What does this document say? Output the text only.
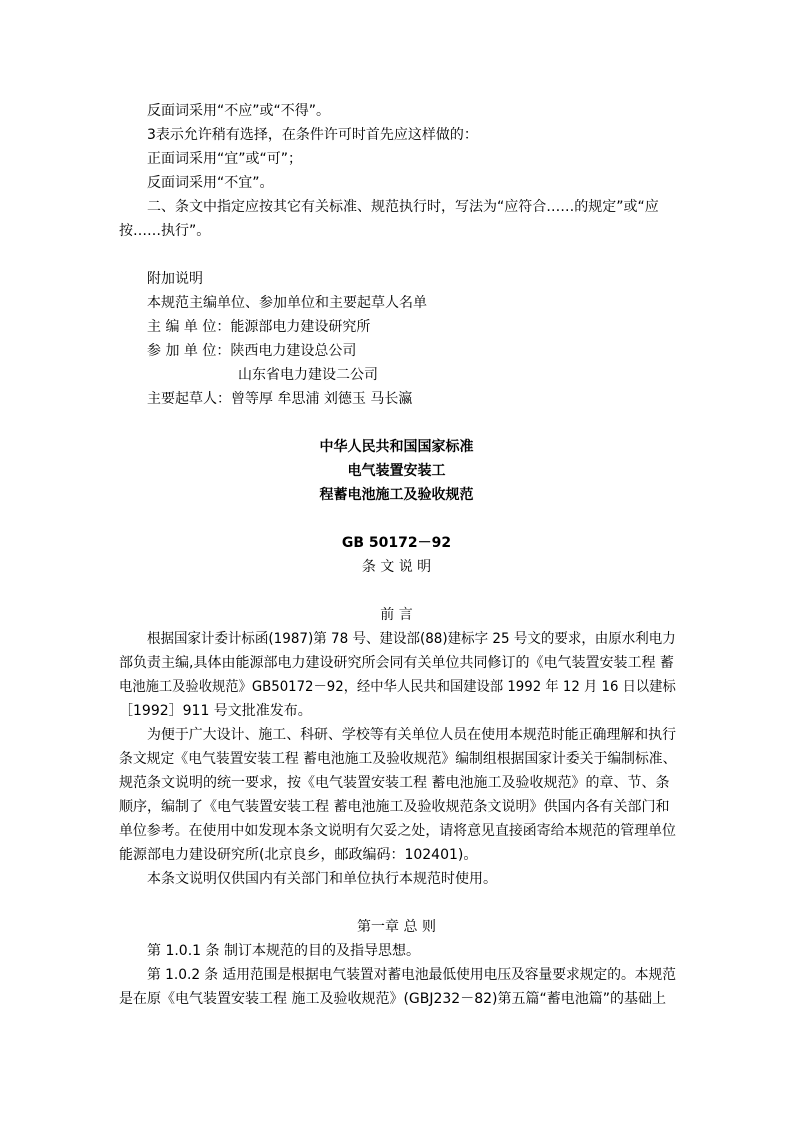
反面词采用“不应”或“不得”。
3表示允许稍有选择，在条件许可时首先应这样做的：
正面词采用“宜”或“可”；
反面词采用“不宜”。
二、条文中指定应按其它有关标准、规范执行时，写法为“应符合……的规定”或“应
按……执行”。
附加说明
本规范主编单位、参加单位和主要起草人名单
主 编 单 位：能源部电力建设研究所
参 加 单 位：陕西电力建设总公司
山东省电力建设二公司
主要起草人：曾等厚 牟思浦 刘德玉 马长瀛
中华人民共和国国家标准
电气装置安装工
程蓄电池施工及验收规范
GB 50172－92
条 文 说 明
前 言
根据国家计委计标函(1987)第 78 号、建设部(88)建标字 25 号文的要求，由原水利电力
部负责主编,具体由能源部电力建设研究所会同有关单位共同修订的《电气装置安装工程 蓄
电池施工及验收规范》GB50172－92，经中华人民共和国建设部 1992 年 12 月 16 日以建标
［1992］911 号文批准发布。
为便于广大设计、施工、科研、学校等有关单位人员在使用本规范时能正确理解和执行
条文规定《电气装置安装工程 蓄电池施工及验收规范》编制组根据国家计委关于编制标准、
规范条文说明的统一要求，按《电气装置安装工程 蓄电池施工及验收规范》的章、节、条
顺序，编制了《电气装置安装工程 蓄电池施工及验收规范条文说明》供国内各有关部门和
单位参考。在使用中如发现本条文说明有欠妥之处，请将意见直接函寄给本规范的管理单位
能源部电力建设研究所(北京良乡，邮政编码：102401)。
本条文说明仅供国内有关部门和单位执行本规范时使用。
第一章 总 则
第 1.0.1 条 制订本规范的目的及指导思想。
第 1.0.2 条 适用范围是根据电气装置对蓄电池最低使用电压及容量要求规定的。本规范
是在原《电气装置安装工程 施工及验收规范》(GBJ232－82)第五篇“蓄电池篇”的基础上
